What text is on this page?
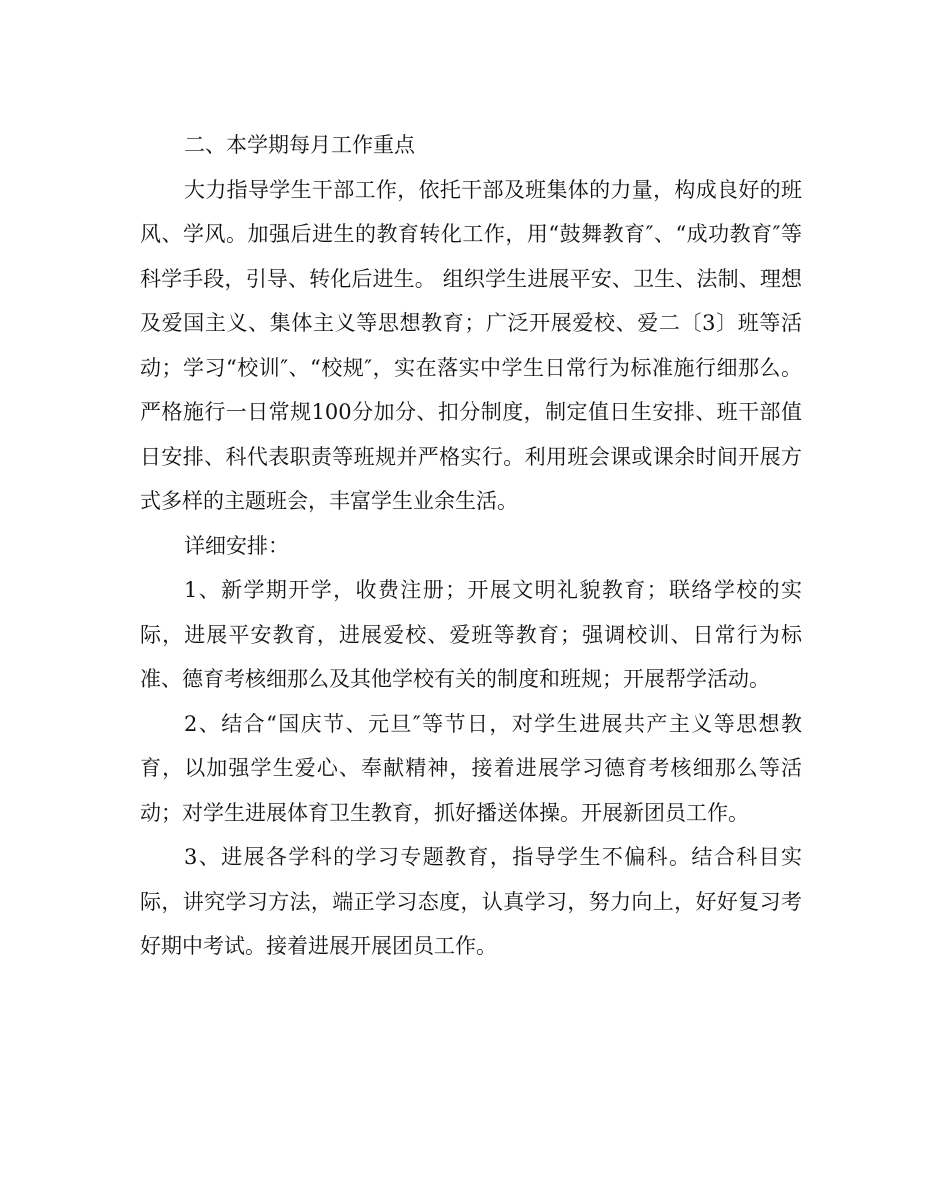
二、本学期每月工作重点

大力指导学生干部工作，依托干部及班集体的力量，构成良好的班风、学风。加强后进生的教育转化工作，用“鼓舞教育″、“成功教育″等科学手段，引导、转化后进生。 组织学生进展平安、卫生、法制、理想及爱国主义、集体主义等思想教育；广泛开展爱校、爱二〔3〕班等活动；学习“校训″、“校规″，实在落实中学生日常行为标准施行细那么。 严格施行一日常规100分加分、扣分制度，制定值日生安排、班干部值日安排、科代表职责等班规并严格实行。利用班会课或课余时间开展方式多样的主题班会，丰富学生业余生活。

详细安排：

1、新学期开学，收费注册；开展文明礼貌教育；联络学校的实际，进展平安教育，进展爱校、爱班等教育；强调校训、日常行为标准、德育考核细那么及其他学校有关的制度和班规；开展帮学活动。

2、结合“国庆节、元旦″等节日，对学生进展共产主义等思想教育，以加强学生爱心、奉献精神，接着进展学习德育考核细那么等活动；对学生进展体育卫生教育，抓好播送体操。开展新团员工作。

3、进展各学科的学习专题教育，指导学生不偏科。结合科目实际，讲究学习方法，端正学习态度，认真学习，努力向上，好好复习考好期中考试。接着进展开展团员工作。
